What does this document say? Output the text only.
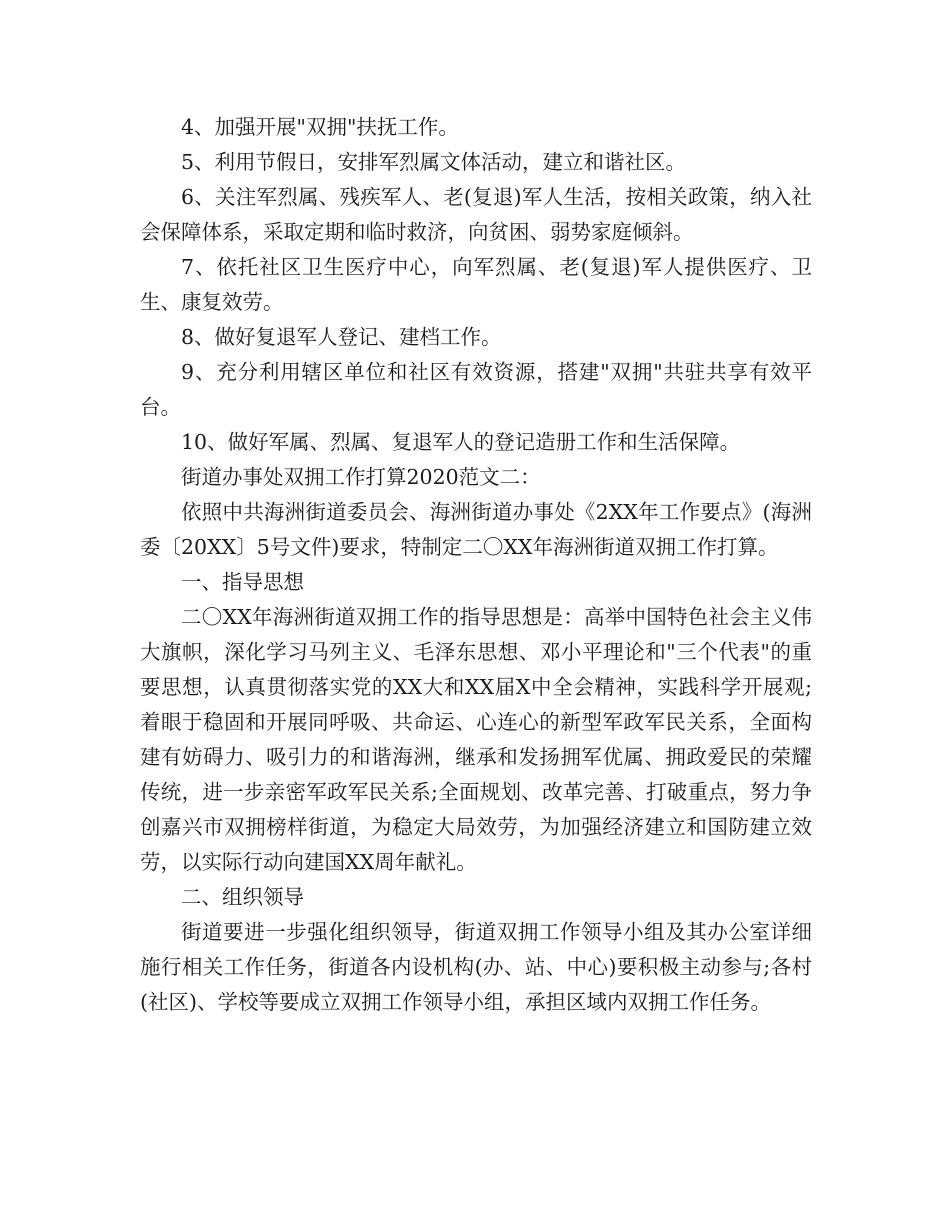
4、加强开展"双拥"扶抚工作。

5、利用节假日，安排军烈属文体活动，建立和谐社区。

6、关注军烈属、残疾军人、老(复退)军人生活，按相关政策，纳入社会保障体系，采取定期和临时救济，向贫困、弱势家庭倾斜。

7、依托社区卫生医疗中心，向军烈属、老(复退)军人提供医疗、卫生、康复效劳。

8、做好复退军人登记、建档工作。

9、充分利用辖区单位和社区有效资源，搭建"双拥"共驻共享有效平台。

10、做好军属、烈属、复退军人的登记造册工作和生活保障。

街道办事处双拥工作打算2020范文二：

依照中共海洲街道委员会、海洲街道办事处《2XX年工作要点》(海洲委〔20XX〕5号文件)要求，特制定二〇XX年海洲街道双拥工作打算。

一、指导思想

二〇XX年海洲街道双拥工作的指导思想是：高举中国特色社会主义伟大旗帜，深化学习马列主义、毛泽东思想、邓小平理论和"三个代表"的重要思想，认真贯彻落实党的XX大和XX届X中全会精神，实践科学开展观;着眼于稳固和开展同呼吸、共命运、心连心的新型军政军民关系，全面构建有妨碍力、吸引力的和谐海洲，继承和发扬拥军优属、拥政爱民的荣耀传统，进一步亲密军政军民关系;全面规划、改革完善、打破重点，努力争创嘉兴市双拥榜样街道，为稳定大局效劳，为加强经济建立和国防建立效劳，以实际行动向建国XX周年献礼。

二、组织领导

街道要进一步强化组织领导，街道双拥工作领导小组及其办公室详细施行相关工作任务，街道各内设机构(办、站、中心)要积极主动参与;各村(社区)、学校等要成立双拥工作领导小组，承担区域内双拥工作任务。
